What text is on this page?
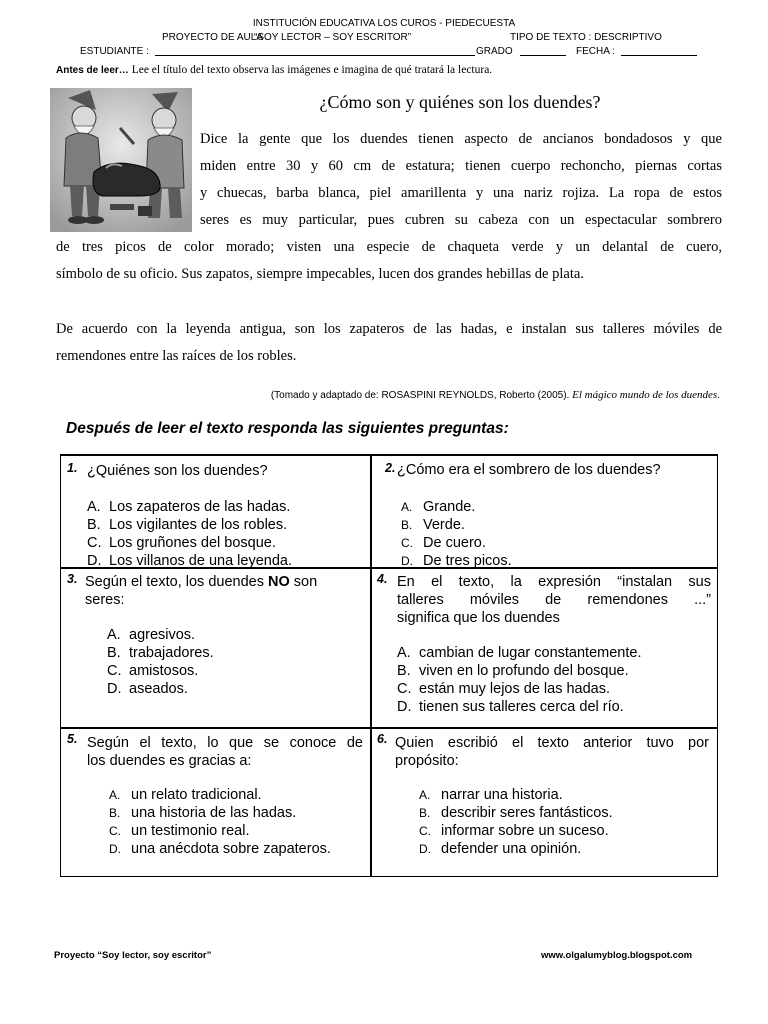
INSTITUCIÓN EDUCATIVA LOS CUROS - PIEDECUESTA
PROYECTO DE AULA
“SOY LECTOR – SOY ESCRITOR”	TIPO DE TEXTO : DESCRIPTIVO
ESTUDIANTE :	GRADO	FECHA :
Antes de leer… Lee el título del texto observa las imágenes e imagina de qué tratará la lectura.
¿Cómo son y quiénes son los duendes?
Dice la gente que los duendes tienen aspecto de ancianos bondadosos y que
miden entre 30 y 60 cm de estatura; tienen cuerpo rechoncho, piernas cortas
y chuecas, barba blanca, piel amarillenta y una nariz rojiza. La ropa de estos
seres es muy particular, pues cubren su cabeza con un espectacular sombrero
de tres picos de color morado; visten una especie de chaqueta verde y un delantal de cuero,
símbolo de su oficio. Sus zapatos, siempre impecables, lucen dos grandes hebillas de plata.
De acuerdo con la leyenda antigua, son los zapateros de las hadas, e instalan sus talleres móviles de
remendones entre las raíces de los robles.
(Tomado y adaptado de: ROSASPINI REYNOLDS, Roberto (2005). El mágico mundo de los duendes.
Después de leer el texto responda las siguientes preguntas:
1. ¿Quiénes son los duendes?
A. Los zapateros de las hadas.
B. Los vigilantes de los robles.
C. Los gruñones del bosque.
D. Los villanos de una leyenda.
2. ¿Cómo era el sombrero de los duendes?
A. Grande.
B. Verde.
C. De cuero.
D. De tres picos.
3. Según el texto, los duendes NO son
seres:
A. agresivos.
B. trabajadores.
C. amistosos.
D. aseados.
4. En el texto, la expresión “instalan sus
talleres móviles de remendones ...”
significa que los duendes
A. cambian de lugar constantemente.
B. viven en lo profundo del bosque.
C. están muy lejos de las hadas.
D. tienen sus talleres cerca del río.
5. Según el texto, lo que se conoce de
los duendes es gracias a:
A. un relato tradicional.
B. una historia de las hadas.
C. un testimonio real.
D. una anécdota sobre zapateros.
6. Quien escribió el texto anterior tuvo por
propósito:
A. narrar una historia.
B. describir seres fantásticos.
C. informar sobre un suceso.
D. defender una opinión.
Proyecto “Soy lector, soy escritor”	www.olgalumyblog.blogspot.com
